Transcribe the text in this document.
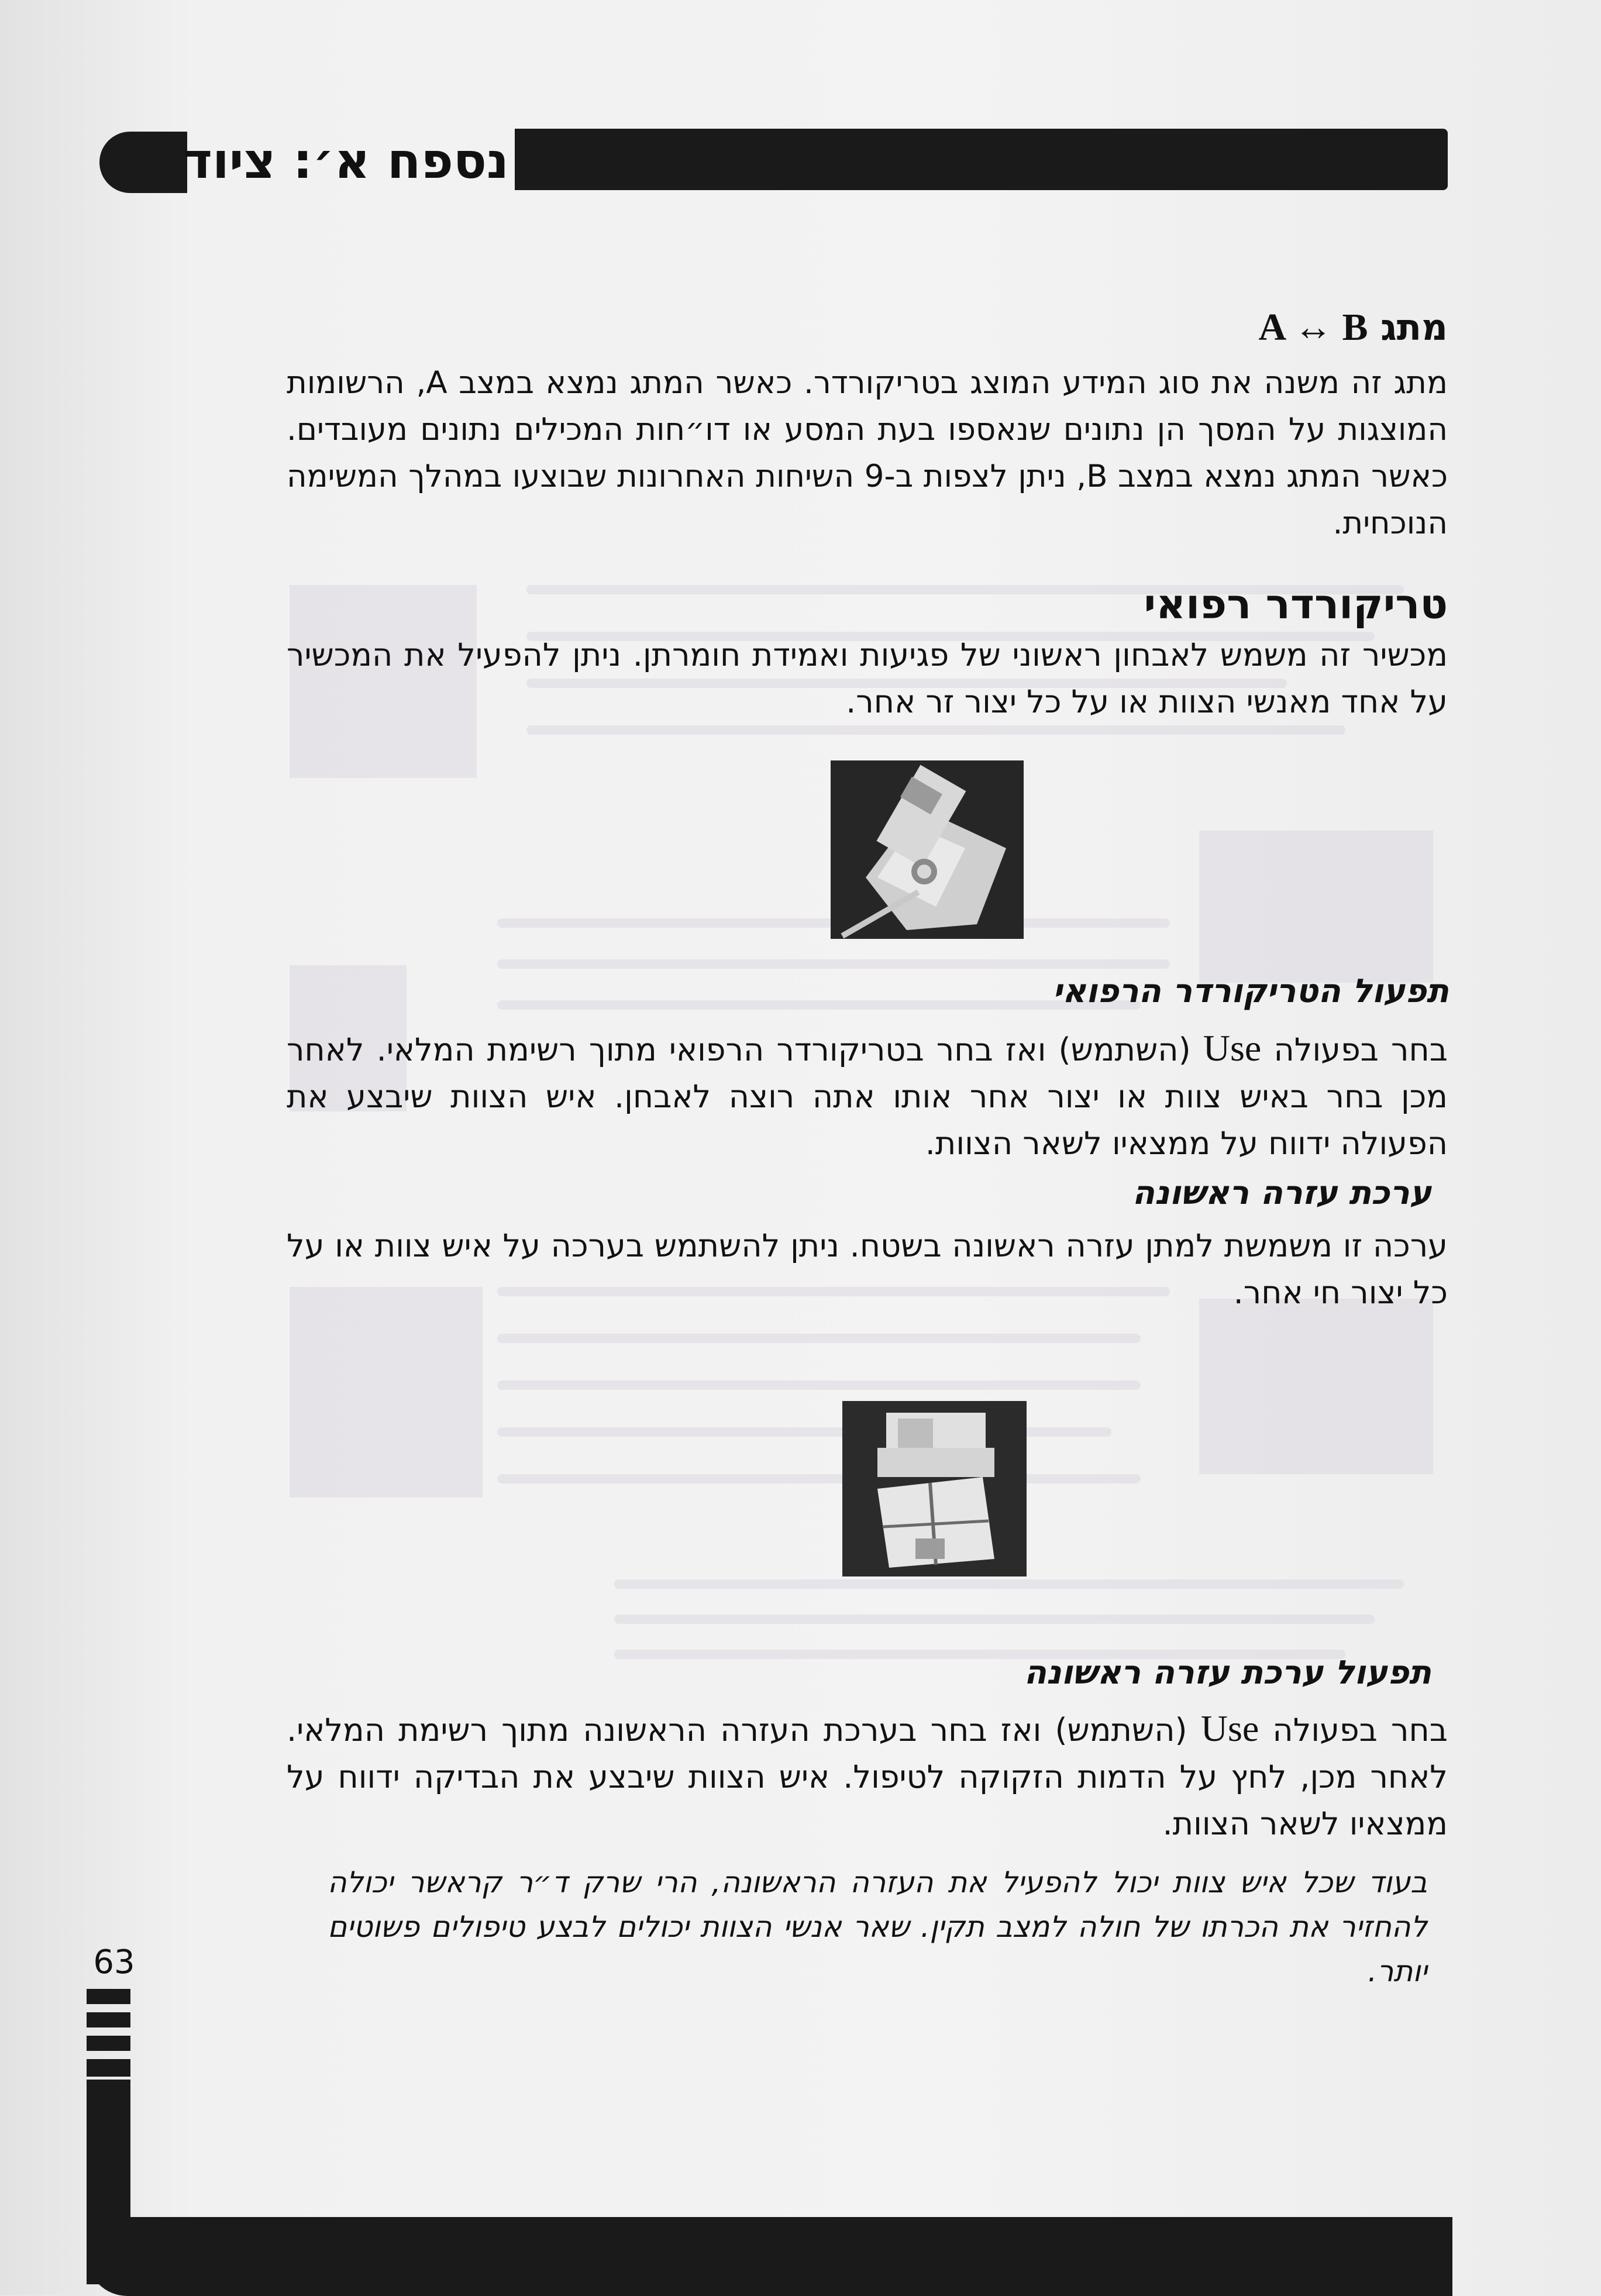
נספח א׳: ציוד
מתג A ↔ B
מתג זה משנה את סוג המידע המוצג בטריקורדר. כאשר המתג נמצא במצב A, הרשומות המוצגות על המסך הן נתונים שנאספו בעת המסע או דו״חות המכילים נתונים מעובדים. כאשר המתג נמצא במצב B, ניתן לצפות ב-9 השיחות האחרונות שבוצעו במהלך המשימה הנוכחית.
טריקורדר רפואי
מכשיר זה משמש לאבחון ראשוני של פגיעות ואמידת חומרתן. ניתן להפעיל את המכשיר על אחד מאנשי הצוות או על כל יצור זר אחר.
תפעול הטריקורדר הרפואי
בחר בפעולה Use (השתמש) ואז בחר בטריקורדר הרפואי מתוך רשימת המלאי. לאחר מכן בחר באיש צוות או יצור אחר אותו אתה רוצה לאבחן. איש הצוות שיבצע את הפעולה ידווח על ממצאיו לשאר הצוות.
ערכת עזרה ראשונה
ערכה זו משמשת למתן עזרה ראשונה בשטח. ניתן להשתמש בערכה על איש צוות או על כל יצור חי אחר.
תפעול ערכת עזרה ראשונה
בחר בפעולה Use (השתמש) ואז בחר בערכת העזרה הראשונה מתוך רשימת המלאי. לאחר מכן, לחץ על הדמות הזקוקה לטיפול. איש הצוות שיבצע את הבדיקה ידווח על ממצאיו לשאר הצוות.
בעוד שכל איש צוות יכול להפעיל את העזרה הראשונה, הרי שרק ד״ר קראשר יכולה להחזיר את הכרתו של חולה למצב תקין. שאר אנשי הצוות יכולים לבצע טיפולים פשוטים יותר.
63
